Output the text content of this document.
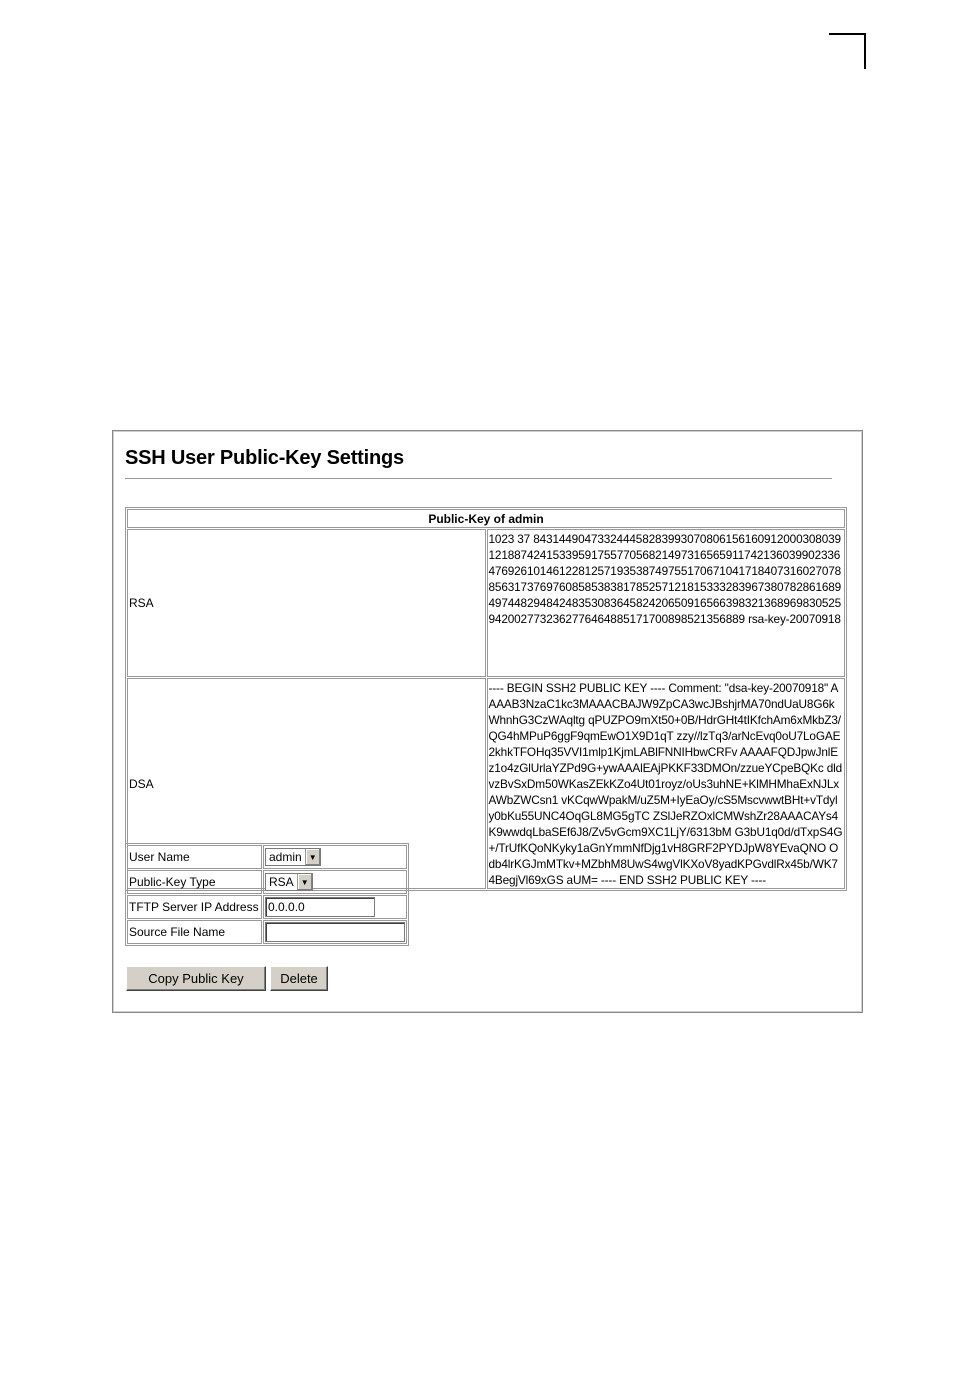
SSH User Public-Key Settings
Public-Key of admin	
RSA	1023 37 84314490473324445828399307080615616091200030803912188742415339591755770568214973165659117421360399023364769261014612281257193538749755170671041718407316027078856317376976085853838178525712181533328396738078286168949744829484248353083645824206509165663983213689698305259420027732362776464885171700898521356889 rsa-key-20070918
DSA	---- BEGIN SSH2 PUBLIC KEY ---- Comment: "dsa-key-20070918" AAAAB3NzaC1kc3MAAACBAJW9ZpCA3wcJBshjrMA70ndUaU8G6kWhnhG3CzWAqltg qPUZPO9mXt50+0B/HdrGHt4tIKfchAm6xMkbZ3/QG4hMPuP6ggF9qmEwO1X9D1qT zzy//lzTq3/arNcEvq0oU7LoGAE2khkTFOHq35VVI1mlp1KjmLABlFNNIHbwCRFv AAAAFQDJpwJnlEz1o4zGlUrlaYZPd9G+ywAAAlEAjPKKF33DMOn/zzueYCpeBQKc dldvzBvSxDm50WKasZEkKZo4Ut01royz/oUs3uhNE+KlMHMhaExNJLxAWbZWCsn1 vKCqwWpakM/uZ5M+IyEaOy/cS5MscvwwtBHt+vTdyly0bKu55UNC4OqGL8MG5gTC ZSlJeRZOxlCMWshZr28AAACAYs4K9wwdqLbaSEf6J8/Zv5vGcm9XC1LjY/6313bM G3bU1q0d/dTxpS4G+/TrUfKQoNKyky1aGnYmmNfDjg1vH8GRF2PYDJpW8YEvaQNO Odb4lrKGJmMTkv+MZbhM8UwS4wgVlKXoV8yadKPGvdlRx45b/WK74BegjVl69xGS aUM= ---- END SSH2 PUBLIC KEY ----
User Name	admin ▼

Public-Key Type	RSA ▼

TFTP Server IP Address	0.0.0.0
Source File Name	
Copy Public Key	Delete
